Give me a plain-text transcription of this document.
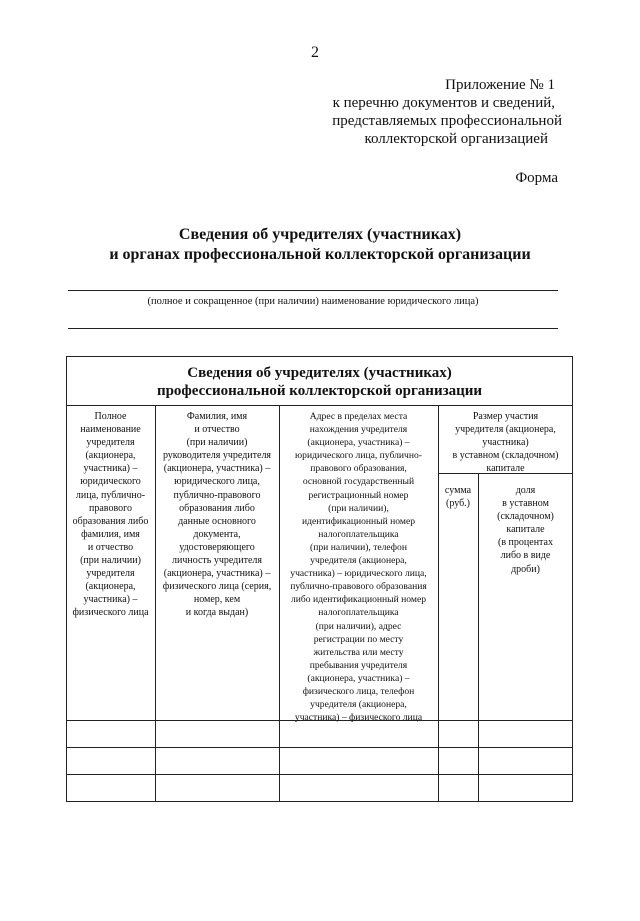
2
Приложение № 1
к перечню документов и сведений,
представляемых профессиональной
коллекторской организацией
Форма
Сведения об учредителях (участниках)
и органах профессиональной коллекторской организации
(полное и сокращенное (при наличии) наименование юридического лица)
Сведения об учредителях (участниках)
профессиональной коллекторской организации
Полное
наименование
учредителя
(акционера,
участника) –
юридического
лица, публично-
правового
образования либо
фамилия, имя
и отчество
(при наличии)
учредителя
(акционера,
участника) –
физического лица
Фамилия, имя
и отчество
(при наличии)
руководителя учредителя
(акционера, участника) –
юридического лица,
публично-правового
образования либо
данные основного
документа,
удостоверяющего
личность учредителя
(акционера, участника) –
физического лица (серия,
номер, кем
и когда выдан)
Адрес в пределах места
нахождения учредителя
(акционера, участника) –
юридического лица, публично-
правового образования,
основной государственный
регистрационный номер
(при наличии),
идентификационный номер
налогоплательщика
(при наличии), телефон
учредителя (акционера,
участника) – юридического лица,
публично-правового образования
либо идентификационный номер
налогоплательщика
(при наличии), адрес
регистрации по месту
жительства или месту
пребывания учредителя
(акционера, участника) –
физического лица, телефон
учредителя (акционера,
участника) – физического лица
Размер участия
учредителя (акционера,
участника)
в уставном (складочном)
капитале
сумма
(руб.)
доля
в уставном
(складочном)
капитале
(в процентах
либо в виде
дроби)
